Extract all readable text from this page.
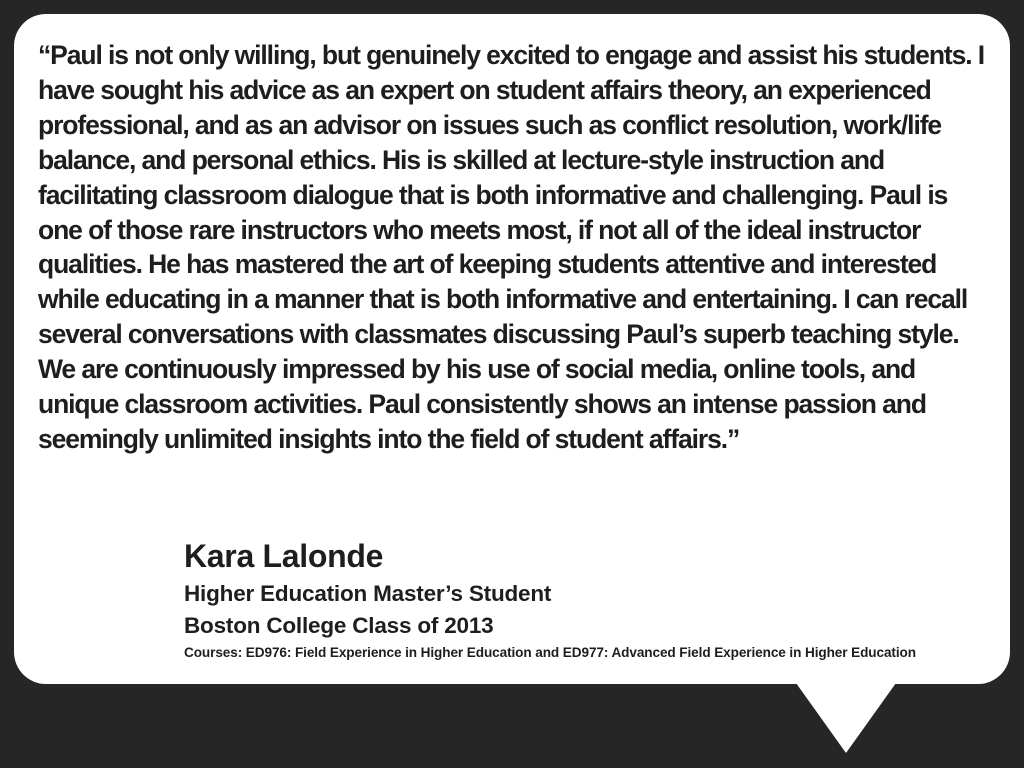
“Paul is not only willing, but genuinely excited to engage and assist his students. I have sought his advice as an expert on student affairs theory, an experienced professional, and as an advisor on issues such as conflict resolution, work/life balance, and personal ethics. His is skilled at lecture-style instruction and facilitating classroom dialogue that is both informative and challenging. Paul is one of those rare instructors who meets most, if not all of the ideal instructor qualities. He has mastered the art of keeping students attentive and interested while educating in a manner that is both informative and entertaining. I can recall several conversations with classmates discussing Paul’s superb teaching style. We are continuously impressed by his use of social media, online tools, and unique classroom activities. Paul consistently shows an intense passion and seemingly unlimited insights into the field of student affairs.”

Kara Lalonde
Higher Education Master’s Student
Boston College Class of 2013
Courses: ED976: Field Experience in Higher Education and ED977: Advanced Field Experience in Higher Education
